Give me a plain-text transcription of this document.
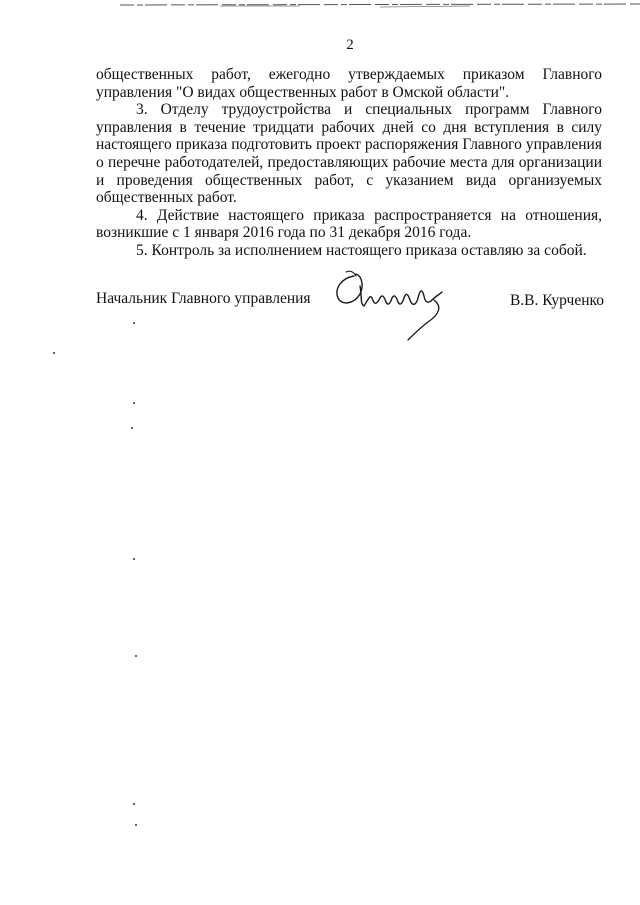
2

общественных работ, ежегодно утверждаемых приказом Главного управления "О видах общественных работ в Омской области".

3. Отделу трудоустройства и специальных программ Главного управления в течение тридцати рабочих дней со дня вступления в силу настоящего приказа подготовить проект распоряжения Главного управления о перечне работодателей, предоставляющих рабочие места для организации и проведения общественных работ, с указанием вида организуемых общественных работ.

4. Действие настоящего приказа распространяется на отношения, возникшие с 1 января 2016 года по 31 декабря 2016 года.

5. Контроль за исполнением настоящего приказа оставляю за собой.

Начальник Главного управления	В.В. Курченко
